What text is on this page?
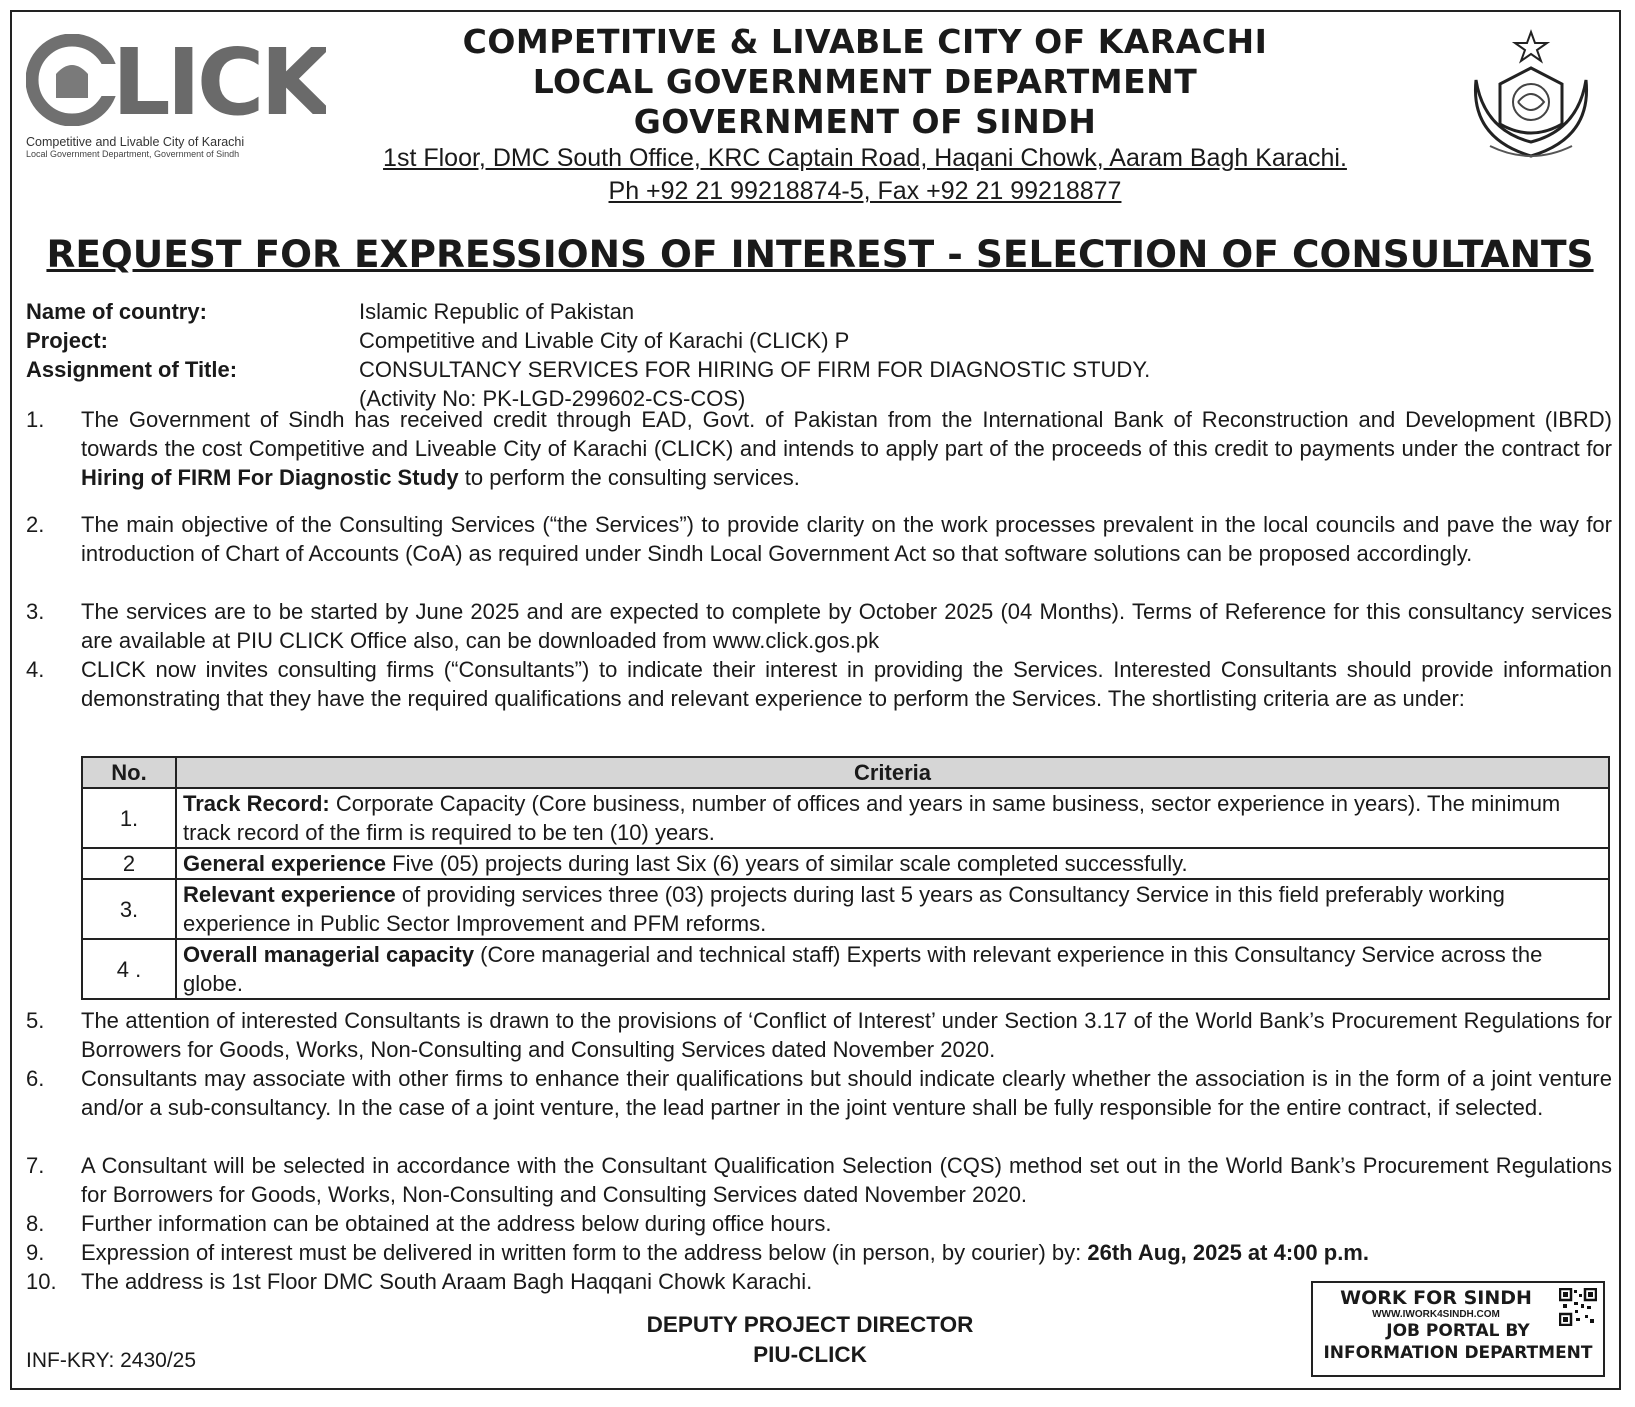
LICK
Competitive and Livable City of Karachi
Local Government Department, Government of Sindh
COMPETITIVE & LIVABLE CITY OF KARACHI
LOCAL GOVERNMENT DEPARTMENT
GOVERNMENT OF SINDH
1st Floor, DMC South Office, KRC Captain Road, Haqani Chowk, Aaram Bagh Karachi.
Ph +92 21 99218874-5, Fax +92 21 99218877
REQUEST FOR EXPRESSIONS OF INTEREST - SELECTION OF CONSULTANTS
Name of country:	Islamic Republic of Pakistan
Project:	Competitive and Livable City of Karachi (CLICK) P
Assignment of Title:	CONSULTANCY SERVICES FOR HIRING OF FIRM FOR DIAGNOSTIC STUDY.
(Activity No: PK-LGD-299602-CS-COS)
1. The Government of Sindh has received credit through EAD, Govt. of Pakistan from the International Bank of Reconstruction and Development (IBRD) towards the cost Competitive and Liveable City of Karachi (CLICK) and intends to apply part of the proceeds of this credit to payments under the contract for Hiring of FIRM For Diagnostic Study to perform the consulting services.
2. The main objective of the Consulting Services (“the Services”) to provide clarity on the work processes prevalent in the local councils and pave the way for introduction of Chart of Accounts (CoA) as required under Sindh Local Government Act so that software solutions can be proposed accordingly.
3. The services are to be started by June 2025 and are expected to complete by October 2025 (04 Months). Terms of Reference for this consultancy services are available at PIU CLICK Office also, can be downloaded from www.click.gos.pk
4. CLICK now invites consulting firms (“Consultants”) to indicate their interest in providing the Services. Interested Consultants should provide information demonstrating that they have the required qualifications and relevant experience to perform the Services. The shortlisting criteria are as under:
No.	Criteria
1.	Track Record: Corporate Capacity (Core business, number of offices and years in same business, sector experience in years). The minimum track record of the firm is required to be ten (10) years.
2	General experience Five (05) projects during last Six (6) years of similar scale completed successfully.
3.	Relevant experience of providing services three (03) projects during last 5 years as Consultancy Service in this field preferably working experience in Public Sector Improvement and PFM reforms.
4 .	Overall managerial capacity (Core managerial and technical staff) Experts with relevant experience in this Consultancy Service across the globe.
5. The attention of interested Consultants is drawn to the provisions of ‘Conflict of Interest’ under Section 3.17 of the World Bank’s Procurement Regulations for Borrowers for Goods, Works, Non-Consulting and Consulting Services dated November 2020.
6. Consultants may associate with other firms to enhance their qualifications but should indicate clearly whether the association is in the form of a joint venture and/or a sub-consultancy. In the case of a joint venture, the lead partner in the joint venture shall be fully responsible for the entire contract, if selected.
7. A Consultant will be selected in accordance with the Consultant Qualification Selection (CQS) method set out in the World Bank’s Procurement Regulations for Borrowers for Goods, Works, Non-Consulting and Consulting Services dated November 2020.
8. Further information can be obtained at the address below during office hours.
9. Expression of interest must be delivered in written form to the address below (in person, by courier) by: 26th Aug, 2025 at 4:00 p.m.
10. The address is 1st Floor DMC South Araam Bagh Haqqani Chowk Karachi.
DEPUTY PROJECT DIRECTOR
PIU-CLICK
INF-KRY: 2430/25
WORK FOR SINDH
WWW.IWORK4SINDH.COM
JOB PORTAL BY
INFORMATION DEPARTMENT
